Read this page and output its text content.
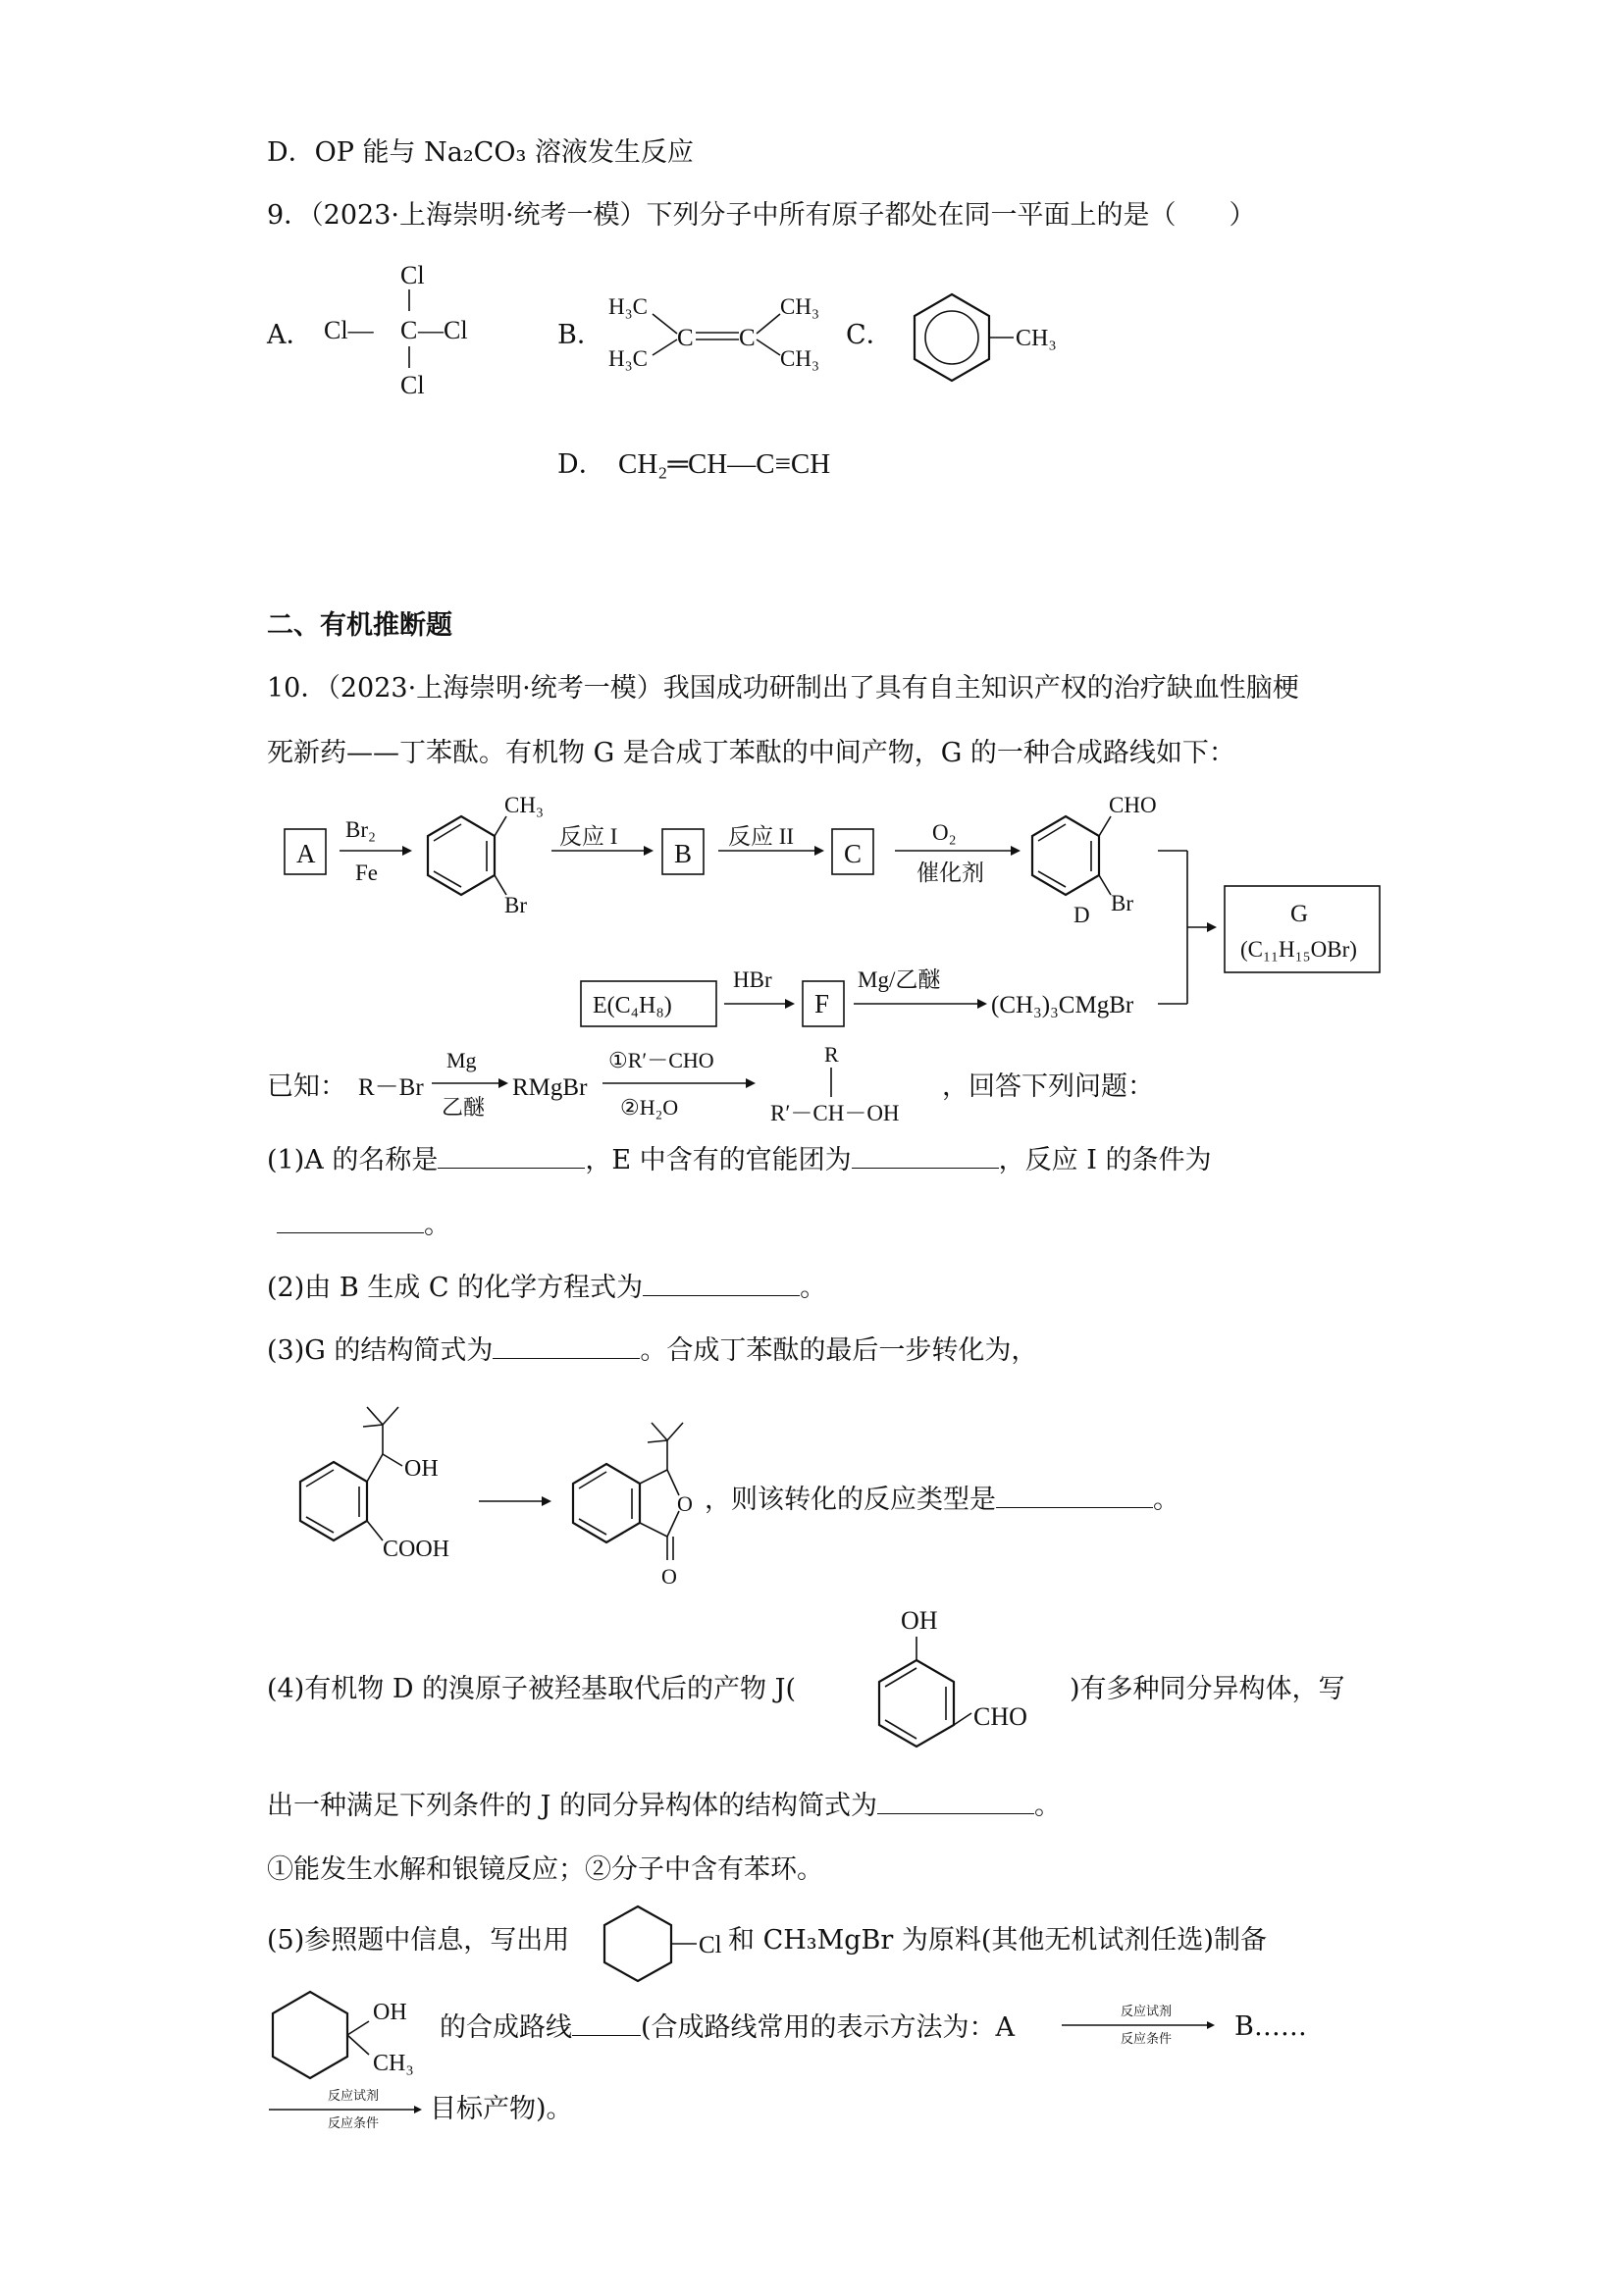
D．OP 能与 Na₂CO₃ 溶液发生反应
9．（2023·上海崇明·统考一模）下列分子中所有原子都处在同一平面上的是（　　）
A．
Cl
Cl— C —Cl
Cl
B．
H₃C
H₃C
C C
CH₃
CH₃
C．	CH₃
D． CH₂═CH—C≡CH
二、有机推断题
10．（2023·上海崇明·统考一模）我国成功研制出了具有自主知识产权的治疗缺血性脑梗
死新药——丁苯酞。有机物 G 是合成丁苯酞的中间产物，G 的一种合成路线如下：
A
Br₂
Fe
CH₃
Br
反应 I
B
反应 II
C
O₂
催化剂
CHO
Br
D	G
(C₁₁H₁₅OBr)
E(C₄H₈)
HBr
F
Mg/乙醚
(CH₃)₃CMgBr
已知： R－Br
Mg
乙醚
RMgBr
①R′－CHO
②H₂O
R
R′－CH－OH
，回答下列问题：
(1)A 的名称是	，E 中含有的官能团为	，反应 I 的条件为
。
(2)由 B 生成 C 的化学方程式为	。
(3)G 的结构简式为	。合成丁苯酞的最后一步转化为，
OH
COOH
O
O
，则该转化的反应类型是	。
(4)有机物 D 的溴原子被羟基取代后的产物 J(
OH
CHO
)有多种同分异构体，写
出一种满足下列条件的 J 的同分异构体的结构简式为	。
①能发生水解和银镜反应；②分子中含有苯环。
(5)参照题中信息，写出用	Cl 和 CH₃MgBr 为原料(其他无机试剂任选)制备
OH
CH₃
的合成路线	(合成路线常用的表示方法为：A
反应试剂
反应条件 B……
反应试剂
反应条件 目标产物)。
